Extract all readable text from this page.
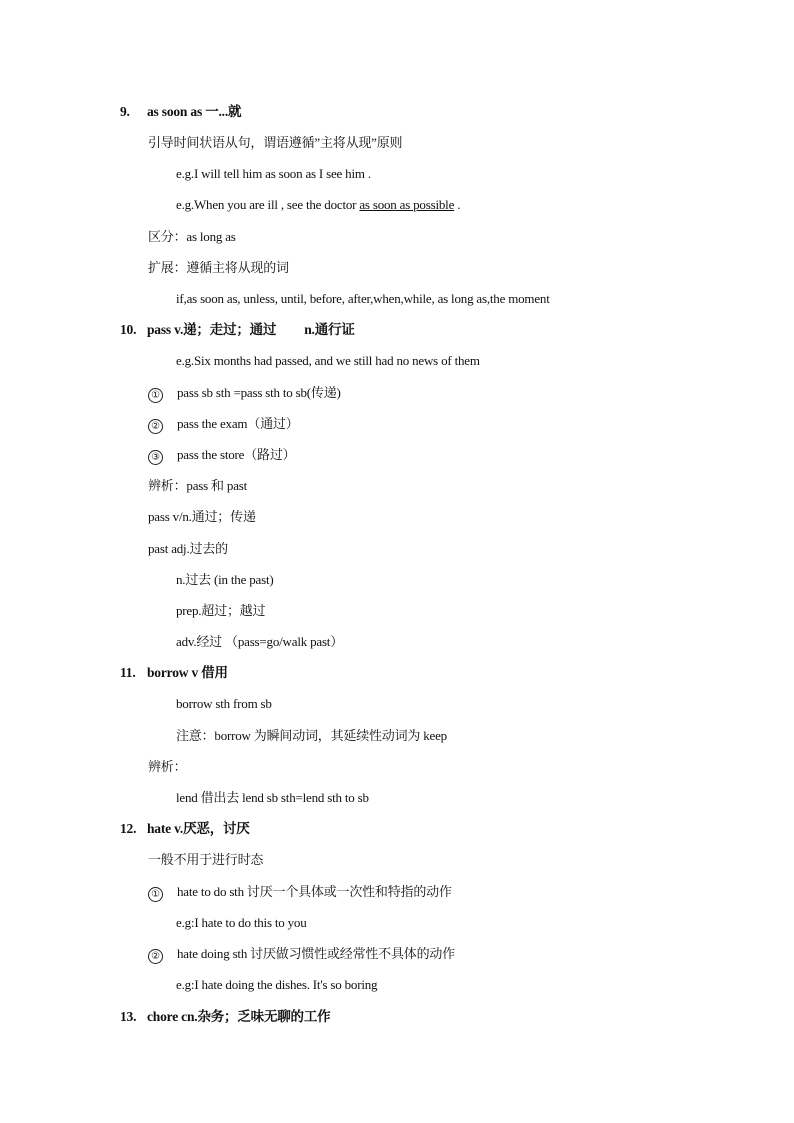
9. as soon as 一...就
引导时间状语从句，谓语遵循”主将从现”原则
e.g.I will tell him as soon as I see him .
e.g.When you are ill , see the doctor as soon as possible .
区分：as long as
扩展：遵循主将从现的词
if,as soon as, unless, until, before, after,when,while, as long as,the moment
10. pass v.递；走过；通过 n.通行证
e.g.Six months had passed, and we still had no news of them
① pass sb sth =pass sth to sb(传递)
② pass the exam（通过）
③ pass the store（路过）
辨析：pass 和 past
pass v/n.通过；传递
past adj.过去的
n.过去 (in the past)
prep.超过；越过
adv.经过 （pass=go/walk past）
11. borrow v 借用
borrow sth from sb
注意：borrow 为瞬间动词，其延续性动词为 keep
辨析：
lend 借出去 lend sb sth=lend sth to sb
12. hate v.厌恶，讨厌
一般不用于进行时态
① hate to do sth 讨厌一个具体或一次性和特指的动作
e.g:I hate to do this to you
② hate doing sth 讨厌做习惯性或经常性不具体的动作
e.g:I hate doing the dishes. It's so boring
13. chore cn.杂务；乏味无聊的工作
